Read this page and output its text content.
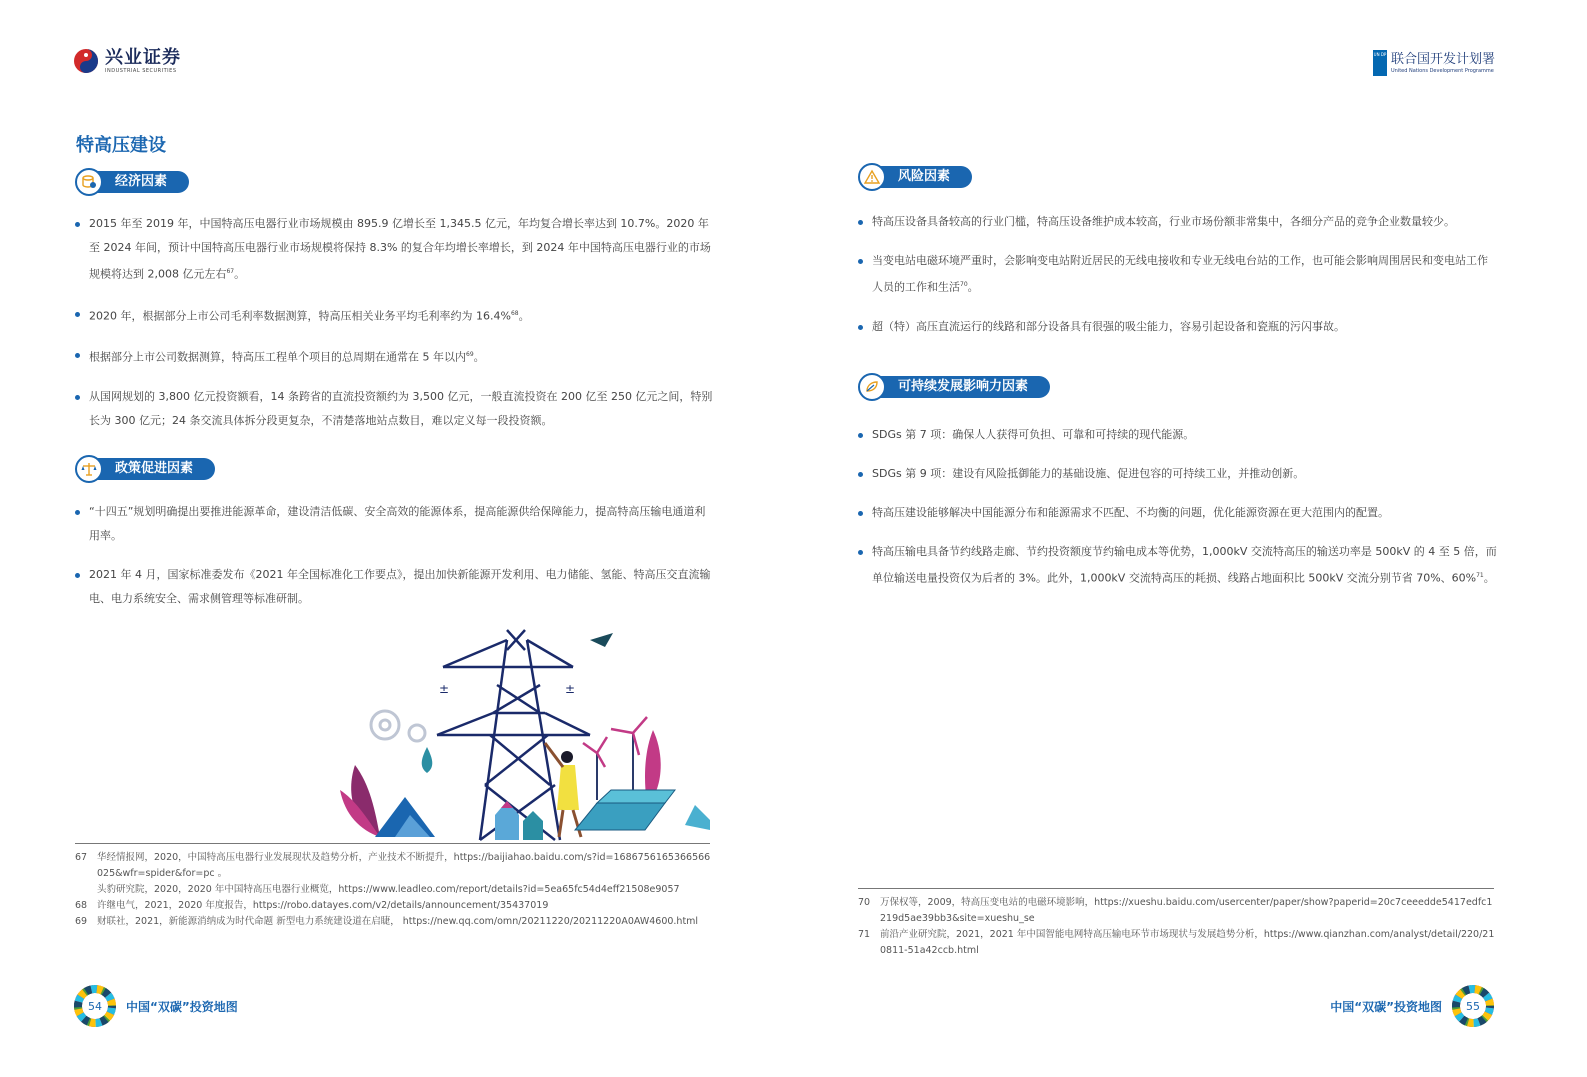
兴业证券
INDUSTRIAL SECURITIES
UN DP 联合国开发计划署
United Nations Development Programme
特高压建设
经济因素
2015 年至 2019 年，中国特高压电器行业市场规模由 895.9 亿增长至 1,345.5 亿元，年均复合增长率达到 10.7%。2020 年至 2024 年间，预计中国特高压电器行业市场规模将保持 8.3% 的复合年均增长率增长，到 2024 年中国特高压电器行业的市场规模将达到 2,008 亿元左右$^{67}$。
2020 年，根据部分上市公司毛利率数据测算，特高压相关业务平均毛利率约为 16.4%$^{68}$。
根据部分上市公司数据测算，特高压工程单个项目的总周期在通常在 5 年以内$^{69}$。
从国网规划的 3,800 亿元投资额看，14 条跨省的直流投资额约为 3,500 亿元，一般直流投资在 200 亿至 250 亿元之间，特别长为 300 亿元；24 条交流具体拆分段更复杂，不清楚落地站点数目，难以定义每一段投资额。
政策促进因素
“十四五”规划明确提出要推进能源革命，建设清洁低碳、安全高效的能源体系，提高能源供给保障能力，提高特高压输电通道利用率。
2021 年 4 月，国家标准委发布《2021 年全国标准化工作要点》，提出加快新能源开发利用、电力储能、氢能、特高压交直流输电、电力系统安全、需求侧管理等标准研制。
±	±
67	华经情报网，2020，中国特高压电器行业发展现状及趋势分析，产业技术不断提升，https://baijiahao.baidu.com/s?id=1686756165366566025&wfr=spider&for=pc 。
头豹研究院，2020，2020 年中国特高压电器行业概览，https://www.leadleo.com/report/details?id=5ea65fc54d4eff21508e9057
68	许继电气，2021，2020 年度报告，https://robo.datayes.com/v2/details/announcement/35437019
69	财联社，2021，新能源消纳成为时代命题 新型电力系统建设道在启睫， https://new.qq.com/omn/20211220/20211220A0AW4600.html
54	中国“双碳”投资地图
风险因素
特高压设备具备较高的行业门槛，特高压设备维护成本较高，行业市场份额非常集中，各细分产品的竞争企业数量较少。
当变电站电磁环境严重时，会影响变电站附近居民的无线电接收和专业无线电台站的工作，也可能会影响周围居民和变电站工作人员的工作和生活$^{70}$。
超（特）高压直流运行的线路和部分设备具有很强的吸尘能力，容易引起设备和瓷瓶的污闪事故。
可持续发展影响力因素
SDGs 第 7 项：确保人人获得可负担、可靠和可持续的现代能源。
SDGs 第 9 项：建设有风险抵御能力的基础设施、促进包容的可持续工业，并推动创新。
特高压建设能够解决中国能源分布和能源需求不匹配、不均衡的问题，优化能源资源在更大范围内的配置。
特高压输电具备节约线路走廊、节约投资额度节约输电成本等优势，1,000kV 交流特高压的输送功率是 500kV 的 4 至 5 倍，而单位输送电量投资仅为后者的 3%。此外，1,000kV 交流特高压的耗损、线路占地面积比 500kV 交流分别节省 70%、60%$^{71}$。
70	万保权等，2009，特高压变电站的电磁环境影响，https://xueshu.baidu.com/usercenter/paper/show?paperid=20c7ceeedde5417edfc1219d5ae39bb3&site=xueshu_se
71	前沿产业研究院，2021，2021 年中国智能电网特高压输电环节市场现状与发展趋势分析，https://www.qianzhan.com/analyst/detail/220/210811-51a42ccb.html
中国“双碳”投资地图	55
